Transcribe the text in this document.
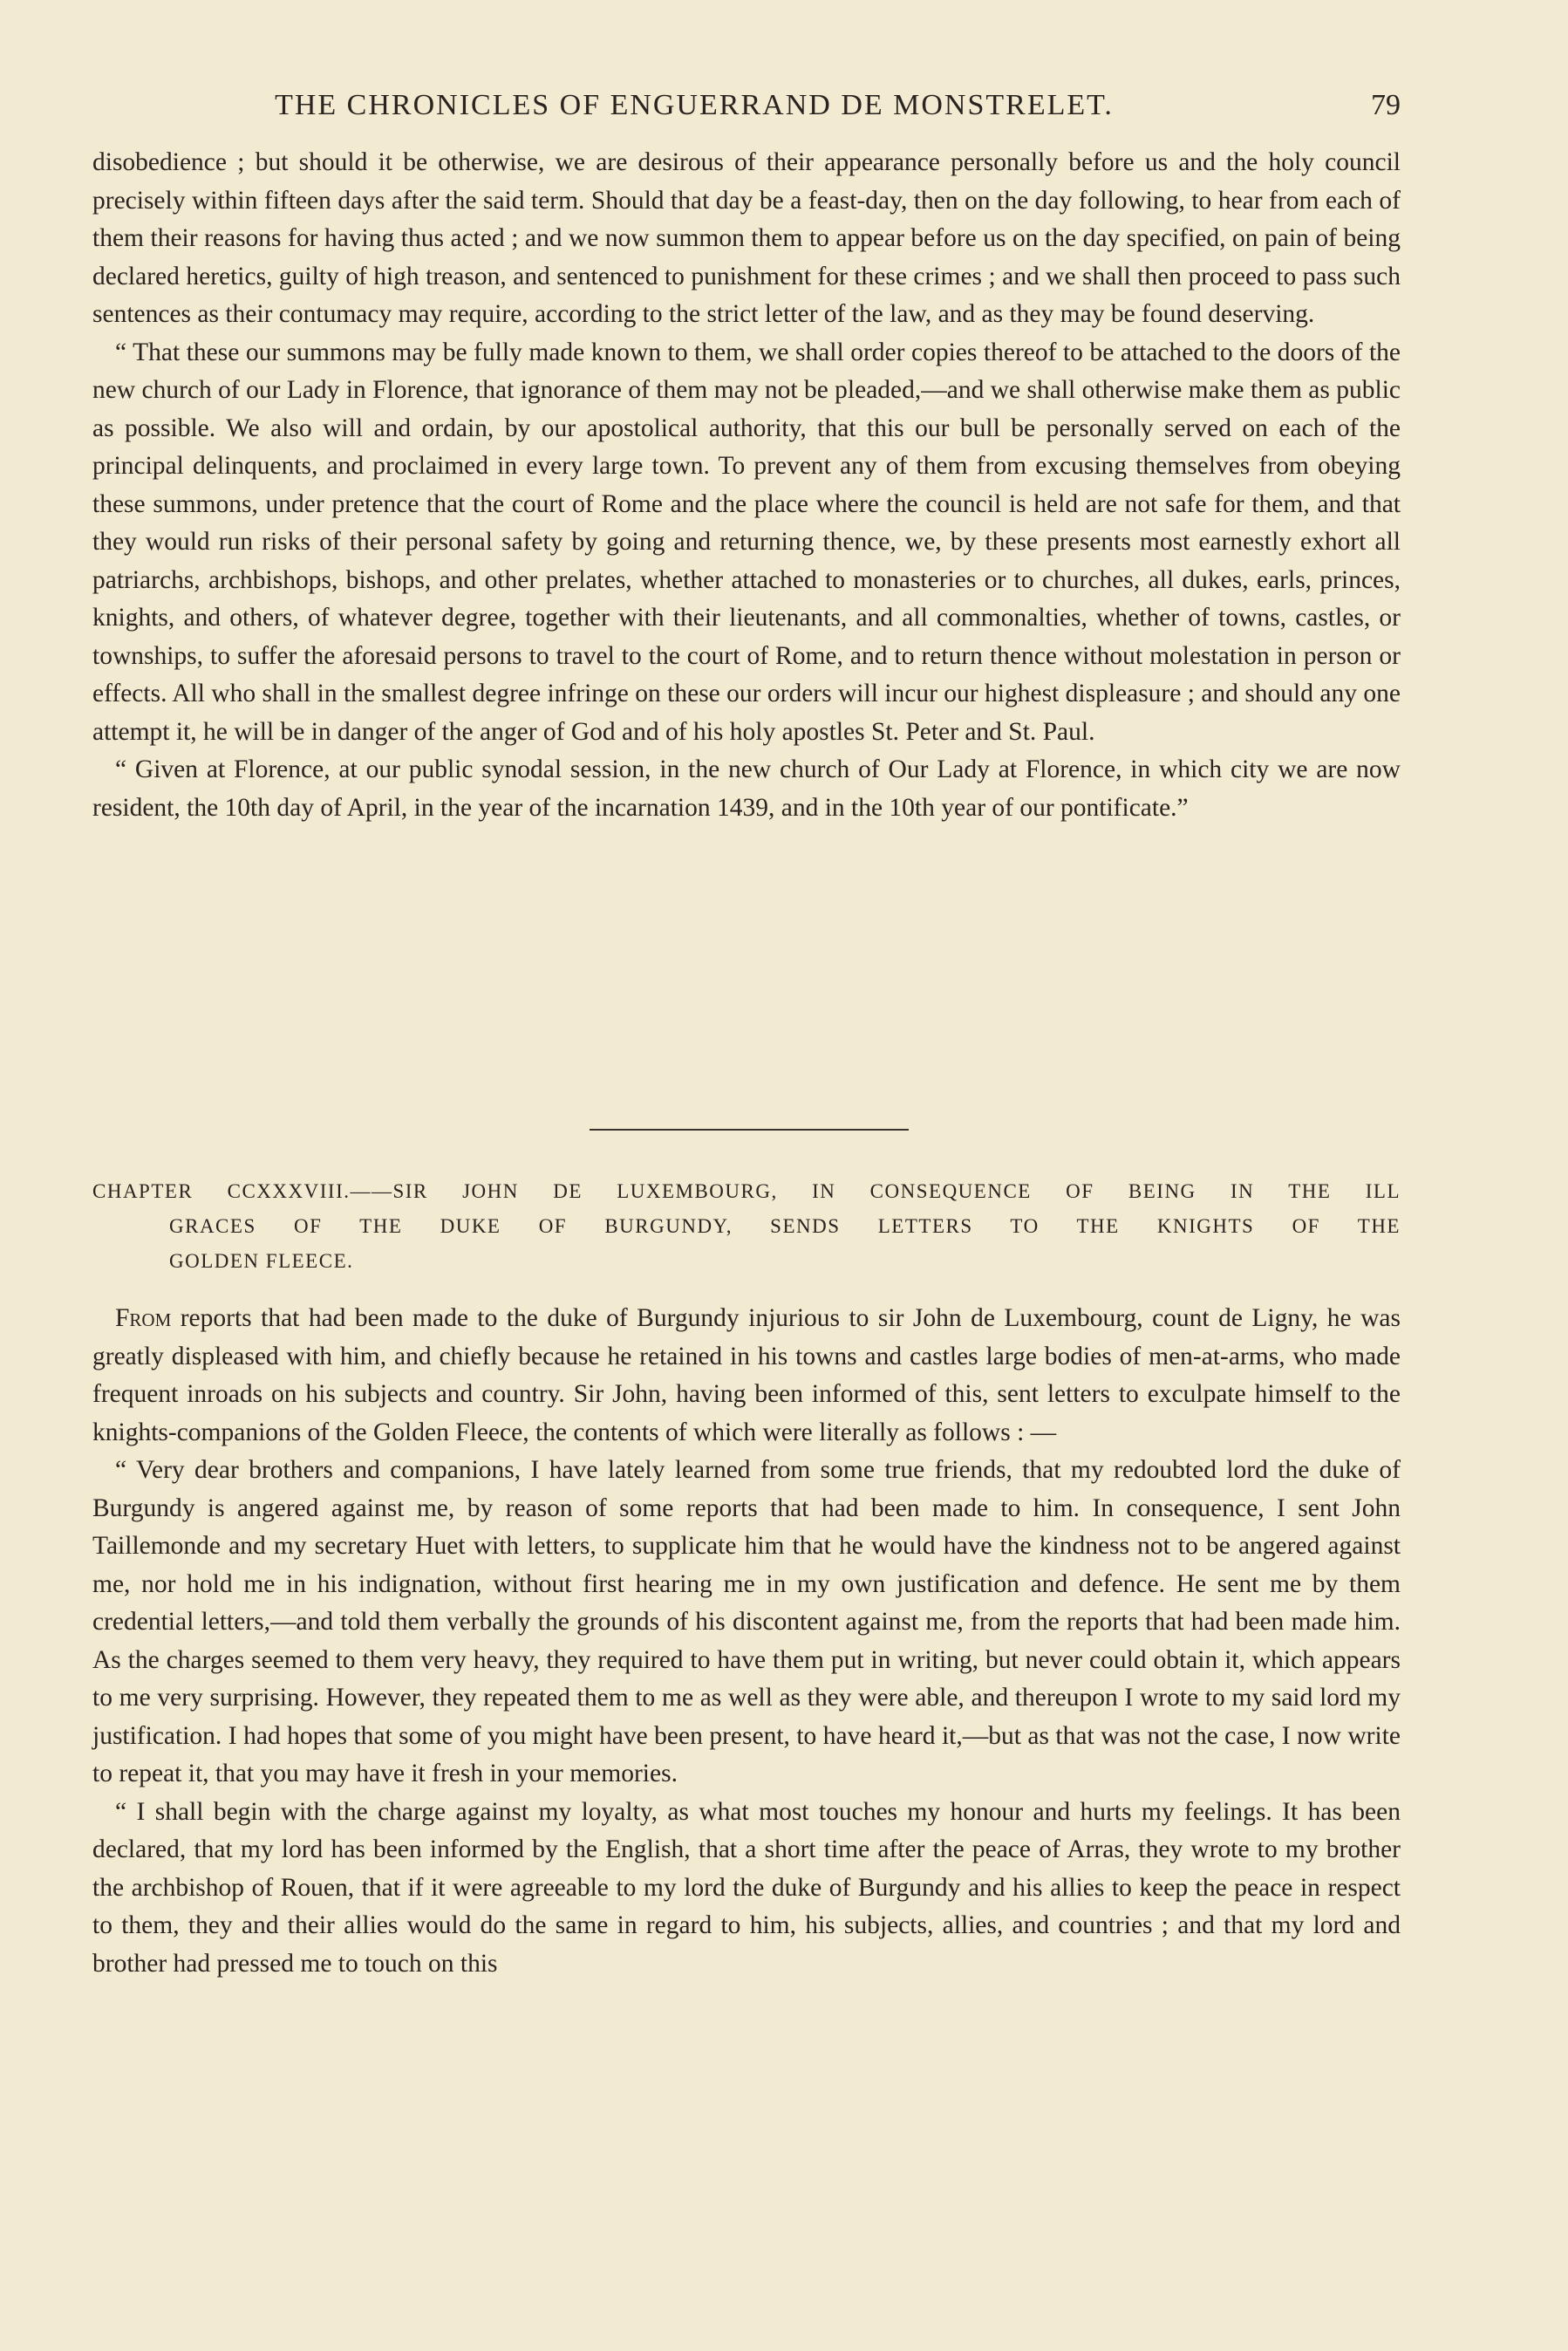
THE CHRONICLES OF ENGUERRAND DE MONSTRELET.	79

disobedience ; but should it be otherwise, we are desirous of their appearance personally before us and the holy council precisely within fifteen days after the said term. Should that day be a feast-day, then on the day following, to hear from each of them their reasons for having thus acted ; and we now summon them to appear before us on the day specified, on pain of being declared heretics, guilty of high treason, and sentenced to punishment for these crimes ; and we shall then proceed to pass such sentences as their contumacy may require, according to the strict letter of the law, and as they may be found deserving.

“ That these our summons may be fully made known to them, we shall order copies thereof to be attached to the doors of the new church of our Lady in Florence, that ignorance of them may not be pleaded,—and we shall otherwise make them as public as possible. We also will and ordain, by our apostolical authority, that this our bull be personally served on each of the principal delinquents, and proclaimed in every large town. To prevent any of them from excusing themselves from obeying these summons, under pretence that the court of Rome and the place where the council is held are not safe for them, and that they would run risks of their personal safety by going and returning thence, we, by these presents most earnestly exhort all patriarchs, archbishops, bishops, and other prelates, whether attached to monasteries or to churches, all dukes, earls, princes, knights, and others, of whatever degree, together with their lieutenants, and all commonalties, whether of towns, castles, or townships, to suffer the aforesaid persons to travel to the court of Rome, and to return thence without molestation in person or effects. All who shall in the smallest degree infringe on these our orders will incur our highest displeasure ; and should any one attempt it, he will be in danger of the anger of God and of his holy apostles St. Peter and St. Paul.

“ Given at Florence, at our public synodal session, in the new church of Our Lady at Florence, in which city we are now resident, the 10th day of April, in the year of the incarnation 1439, and in the 10th year of our pontificate.”

CHAPTER CCXXXVIII.——SIR JOHN DE LUXEMBOURG, IN CONSEQUENCE OF BEING IN THE ILL
GRACES OF THE DUKE OF BURGUNDY, SENDS LETTERS TO THE KNIGHTS OF THE
GOLDEN FLEECE.

From reports that had been made to the duke of Burgundy injurious to sir John de Luxembourg, count de Ligny, he was greatly displeased with him, and chiefly because he retained in his towns and castles large bodies of men-at-arms, who made frequent inroads on his subjects and country. Sir John, having been informed of this, sent letters to exculpate himself to the knights-companions of the Golden Fleece, the contents of which were literally as follows : —

“ Very dear brothers and companions, I have lately learned from some true friends, that my redoubted lord the duke of Burgundy is angered against me, by reason of some reports that had been made to him. In consequence, I sent John Taillemonde and my secretary Huet with letters, to supplicate him that he would have the kindness not to be angered against me, nor hold me in his indignation, without first hearing me in my own justification and defence. He sent me by them credential letters,—and told them verbally the grounds of his discontent against me, from the reports that had been made him. As the charges seemed to them very heavy, they required to have them put in writing, but never could obtain it, which appears to me very surprising. However, they repeated them to me as well as they were able, and thereupon I wrote to my said lord my justification. I had hopes that some of you might have been present, to have heard it,—but as that was not the case, I now write to repeat it, that you may have it fresh in your memories.

“ I shall begin with the charge against my loyalty, as what most touches my honour and hurts my feelings. It has been declared, that my lord has been informed by the English, that a short time after the peace of Arras, they wrote to my brother the archbishop of Rouen, that if it were agreeable to my lord the duke of Burgundy and his allies to keep the peace in respect to them, they and their allies would do the same in regard to him, his subjects, allies, and countries ; and that my lord and brother had pressed me to touch on this
